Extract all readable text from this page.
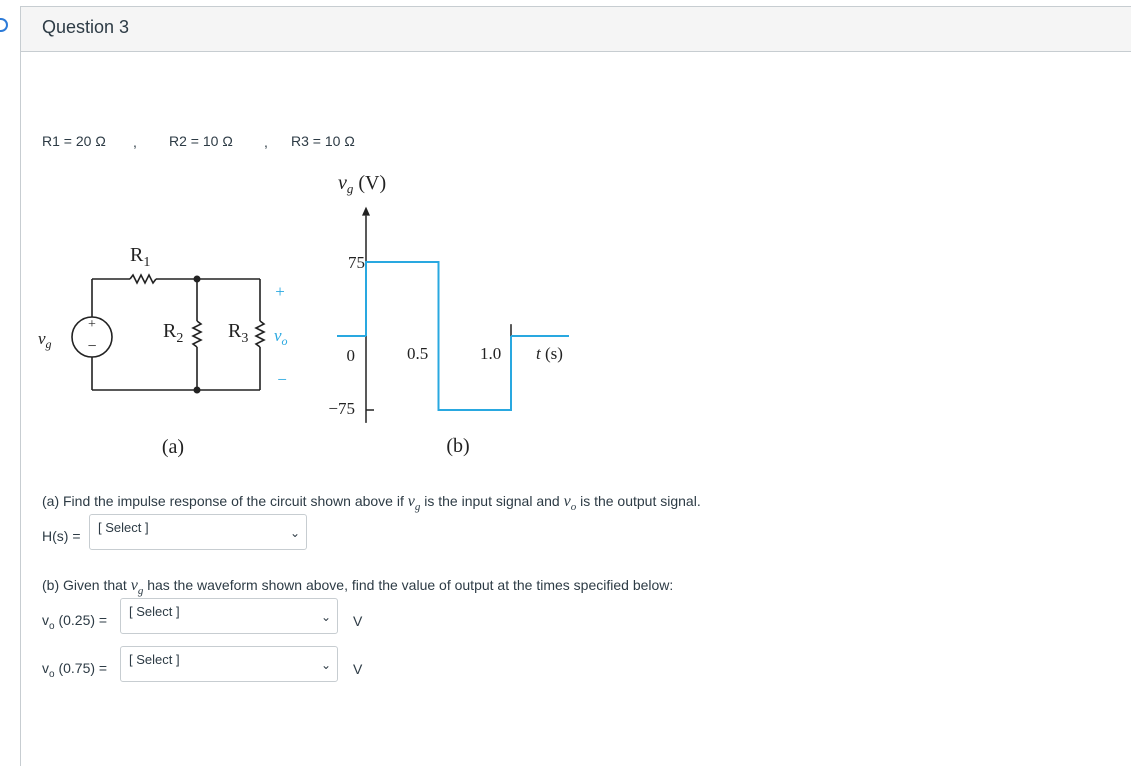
Question 3
R1 = 20 Ω , R2 = 10 Ω , R3 = 10 Ω
+
−
$v_g$
$R_1$
$R_2$ $R_3$
+
−
$v_o$
(a)
$v_g$ (V)
75
0
−75
0.5	1.0 t (s)
(b)
(a) Find the impulse response of the circuit shown above if $v_g$ is the input signal and $v_o$ is the output signal.
H(s) =
[ Select ]	⌄
(b) Given that $v_g$ has the waveform shown above, find the value of output at the times specified below:
$v_o$ (0.25) =
[ Select ]	⌄ V
$v_o$ (0.75) =
[ Select ]	⌄ V
